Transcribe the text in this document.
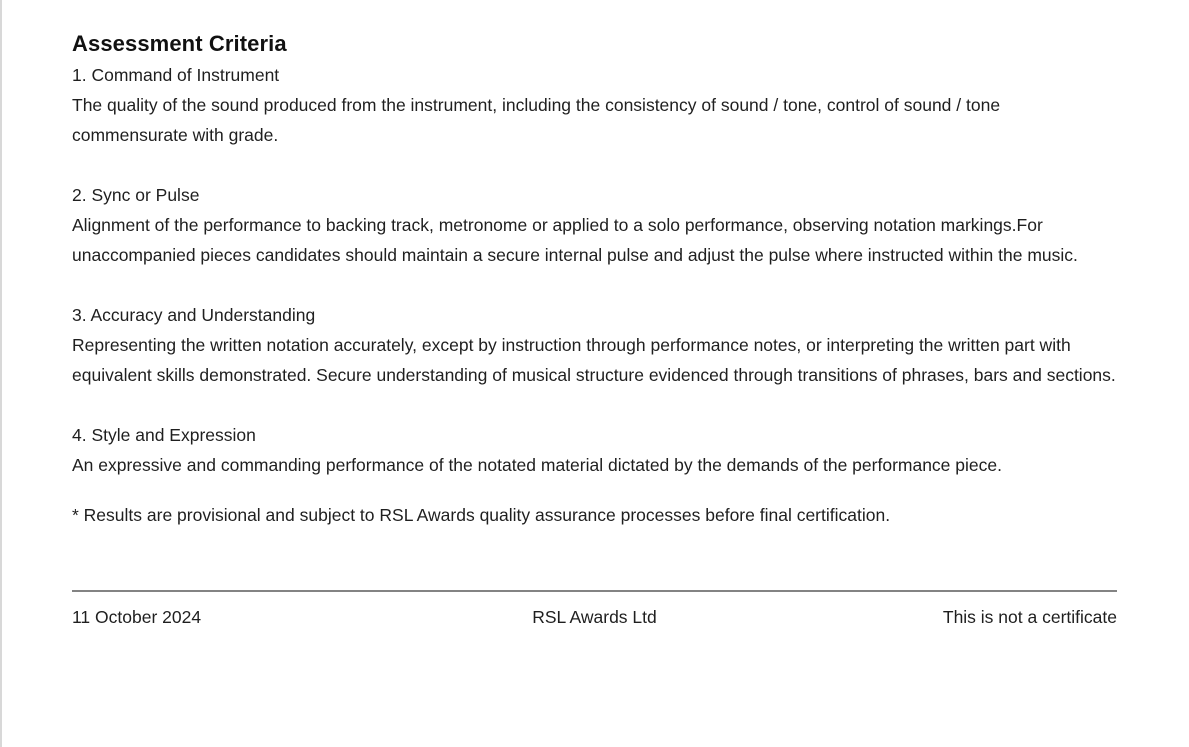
Assessment Criteria

1. Command of Instrument

The quality of the sound produced from the instrument, including the consistency of sound / tone, control of sound / tone commensurate with grade.

2. Sync or Pulse

Alignment of the performance to backing track, metronome or applied to a solo performance, observing notation markings.For unaccompanied pieces candidates should maintain a secure internal pulse and adjust the pulse where instructed within the music.

3. Accuracy and Understanding

Representing the written notation accurately, except by instruction through performance notes, or interpreting the written part with equivalent skills demonstrated. Secure understanding of musical structure evidenced through transitions of phrases, bars and sections.

4. Style and Expression

An expressive and commanding performance of the notated material dictated by the demands of the performance piece.

* Results are provisional and subject to RSL Awards quality assurance processes before final certification.

11 October 2024	RSL Awards Ltd	This is not a certificate
